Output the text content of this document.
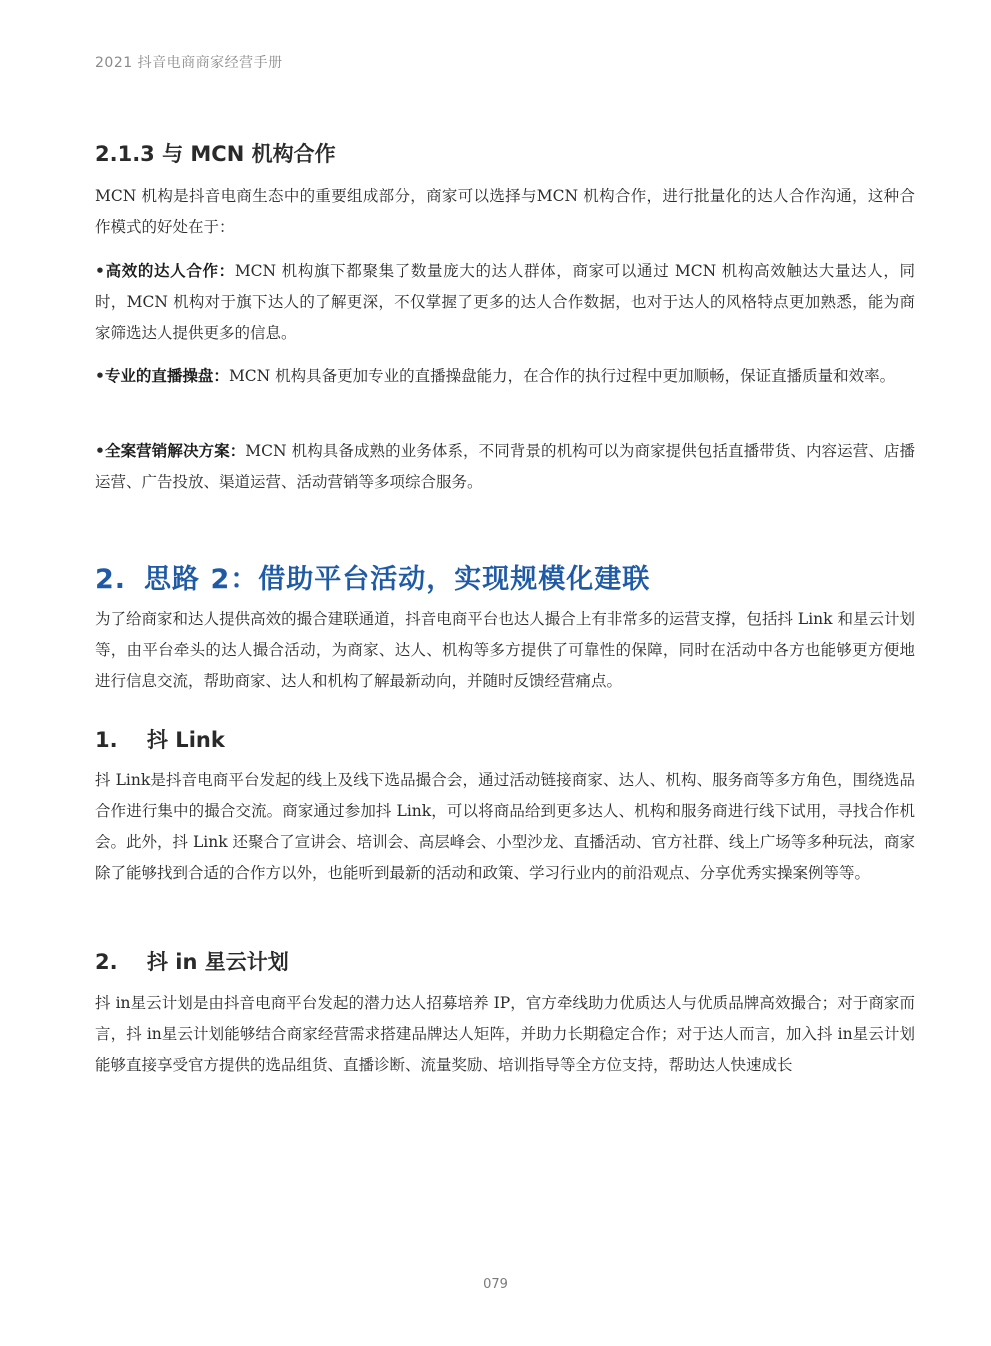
2021 抖音电商商家经营手册
2.1.3 与 MCN 机构合作
MCN 机构是抖音电商生态中的重要组成部分，商家可以选择与MCN 机构合作，进行批量化的达人合作沟通，这种合作模式的好处在于：
•高效的达人合作：MCN 机构旗下都聚集了数量庞大的达人群体，商家可以通过 MCN 机构高效触达大量达人，同时，MCN 机构对于旗下达人的了解更深，不仅掌握了更多的达人合作数据，也对于达人的风格特点更加熟悉，能为商家筛选达人提供更多的信息。
•专业的直播操盘：MCN 机构具备更加专业的直播操盘能力，在合作的执行过程中更加顺畅，保证直播质量和效率。
•全案营销解决方案：MCN 机构具备成熟的业务体系，不同背景的机构可以为商家提供包括直播带货、内容运营、店播运营、广告投放、渠道运营、活动营销等多项综合服务。
2. 思路 2：借助平台活动，实现规模化建联
为了给商家和达人提供高效的撮合建联通道，抖音电商平台也达人撮合上有非常多的运营支撑，包括抖 Link 和星云计划等，由平台牵头的达人撮合活动，为商家、达人、机构等多方提供了可靠性的保障，同时在活动中各方也能够更方便地进行信息交流，帮助商家、达人和机构了解最新动向，并随时反馈经营痛点。
1. 抖 Link
抖 Link是抖音电商平台发起的线上及线下选品撮合会，通过活动链接商家、达人、机构、服务商等多方角色，围绕选品合作进行集中的撮合交流。商家通过参加抖 Link，可以将商品给到更多达人、机构和服务商进行线下试用，寻找合作机会。此外，抖 Link 还聚合了宣讲会、培训会、高层峰会、小型沙龙、直播活动、官方社群、线上广场等多种玩法，商家除了能够找到合适的合作方以外，也能听到最新的活动和政策、学习行业内的前沿观点、分享优秀实操案例等等。
2. 抖 in 星云计划
抖 in星云计划是由抖音电商平台发起的潜力达人招募培养 IP，官方牵线助力优质达人与优质品牌高效撮合；对于商家而言，抖 in星云计划能够结合商家经营需求搭建品牌达人矩阵，并助力长期稳定合作；对于达人而言，加入抖 in星云计划能够直接享受官方提供的选品组货、直播诊断、流量奖励、培训指导等全方位支持，帮助达人快速成长
079
